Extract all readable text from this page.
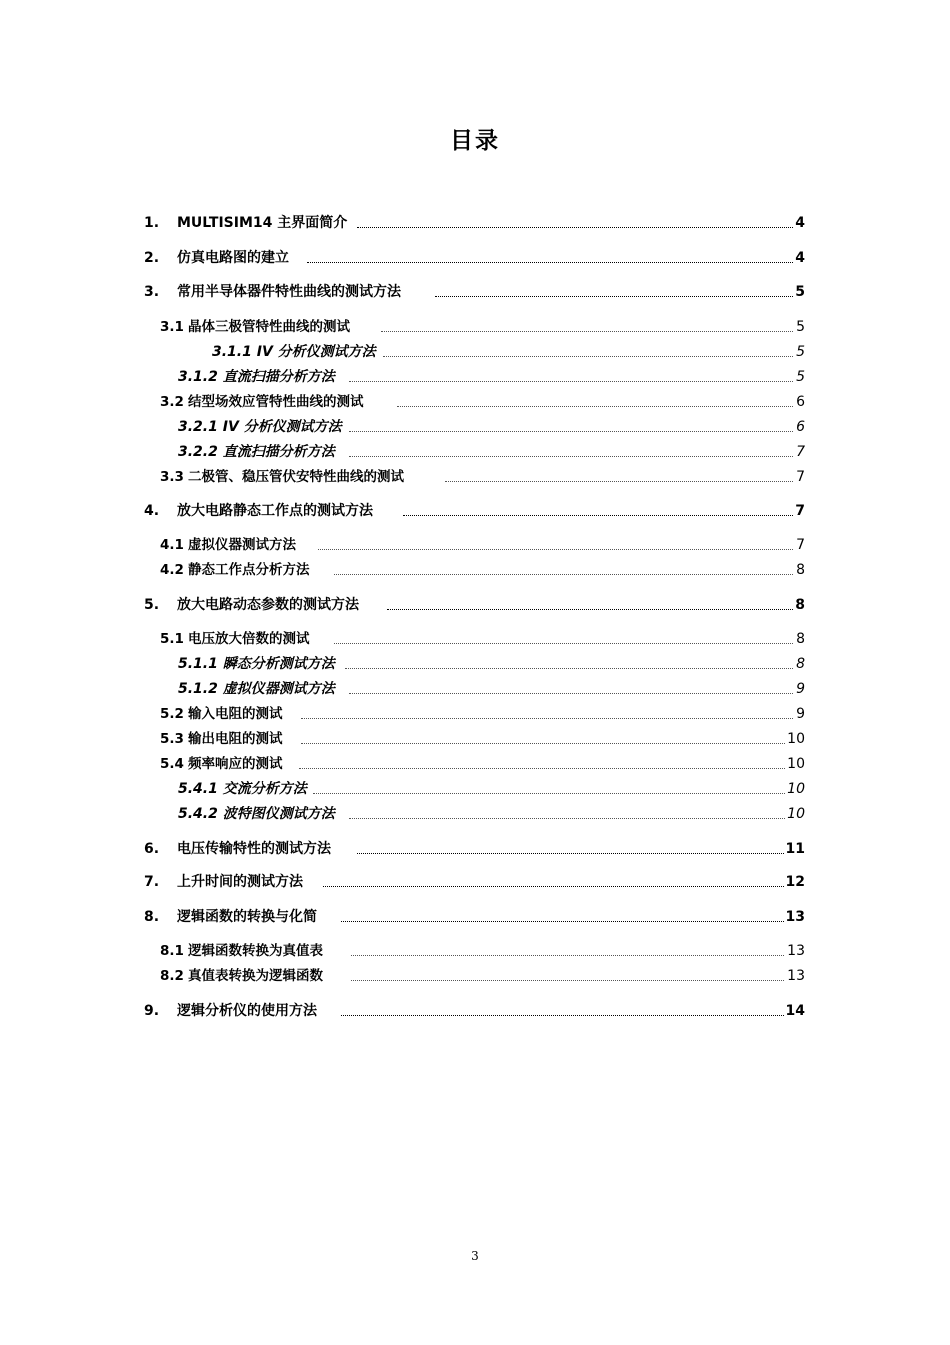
目录
1. MULTISIM14 主界面简介	4
2. 仿真电路图的建立	4
3. 常用半导体器件特性曲线的测试方法	5
3.1 晶体三极管特性曲线的测试	5
3.1.1 IV 分析仪测试方法	5
3.1.2 直流扫描分析方法	5
3.2 结型场效应管特性曲线的测试	6
3.2.1 IV 分析仪测试方法	6
3.2.2 直流扫描分析方法	7
3.3 二极管、稳压管伏安特性曲线的测试	7
4. 放大电路静态工作点的测试方法	7
4.1 虚拟仪器测试方法	7
4.2 静态工作点分析方法	8
5. 放大电路动态参数的测试方法	8
5.1 电压放大倍数的测试	8
5.1.1 瞬态分析测试方法	8
5.1.2 虚拟仪器测试方法	9
5.2 输入电阻的测试	9
5.3 输出电阻的测试	10
5.4 频率响应的测试	10
5.4.1 交流分析方法	10
5.4.2 波特图仪测试方法	10
6. 电压传输特性的测试方法	11
7. 上升时间的测试方法	12
8. 逻辑函数的转换与化简	13
8.1 逻辑函数转换为真值表	13
8.2 真值表转换为逻辑函数	13
9. 逻辑分析仪的使用方法	14
3
